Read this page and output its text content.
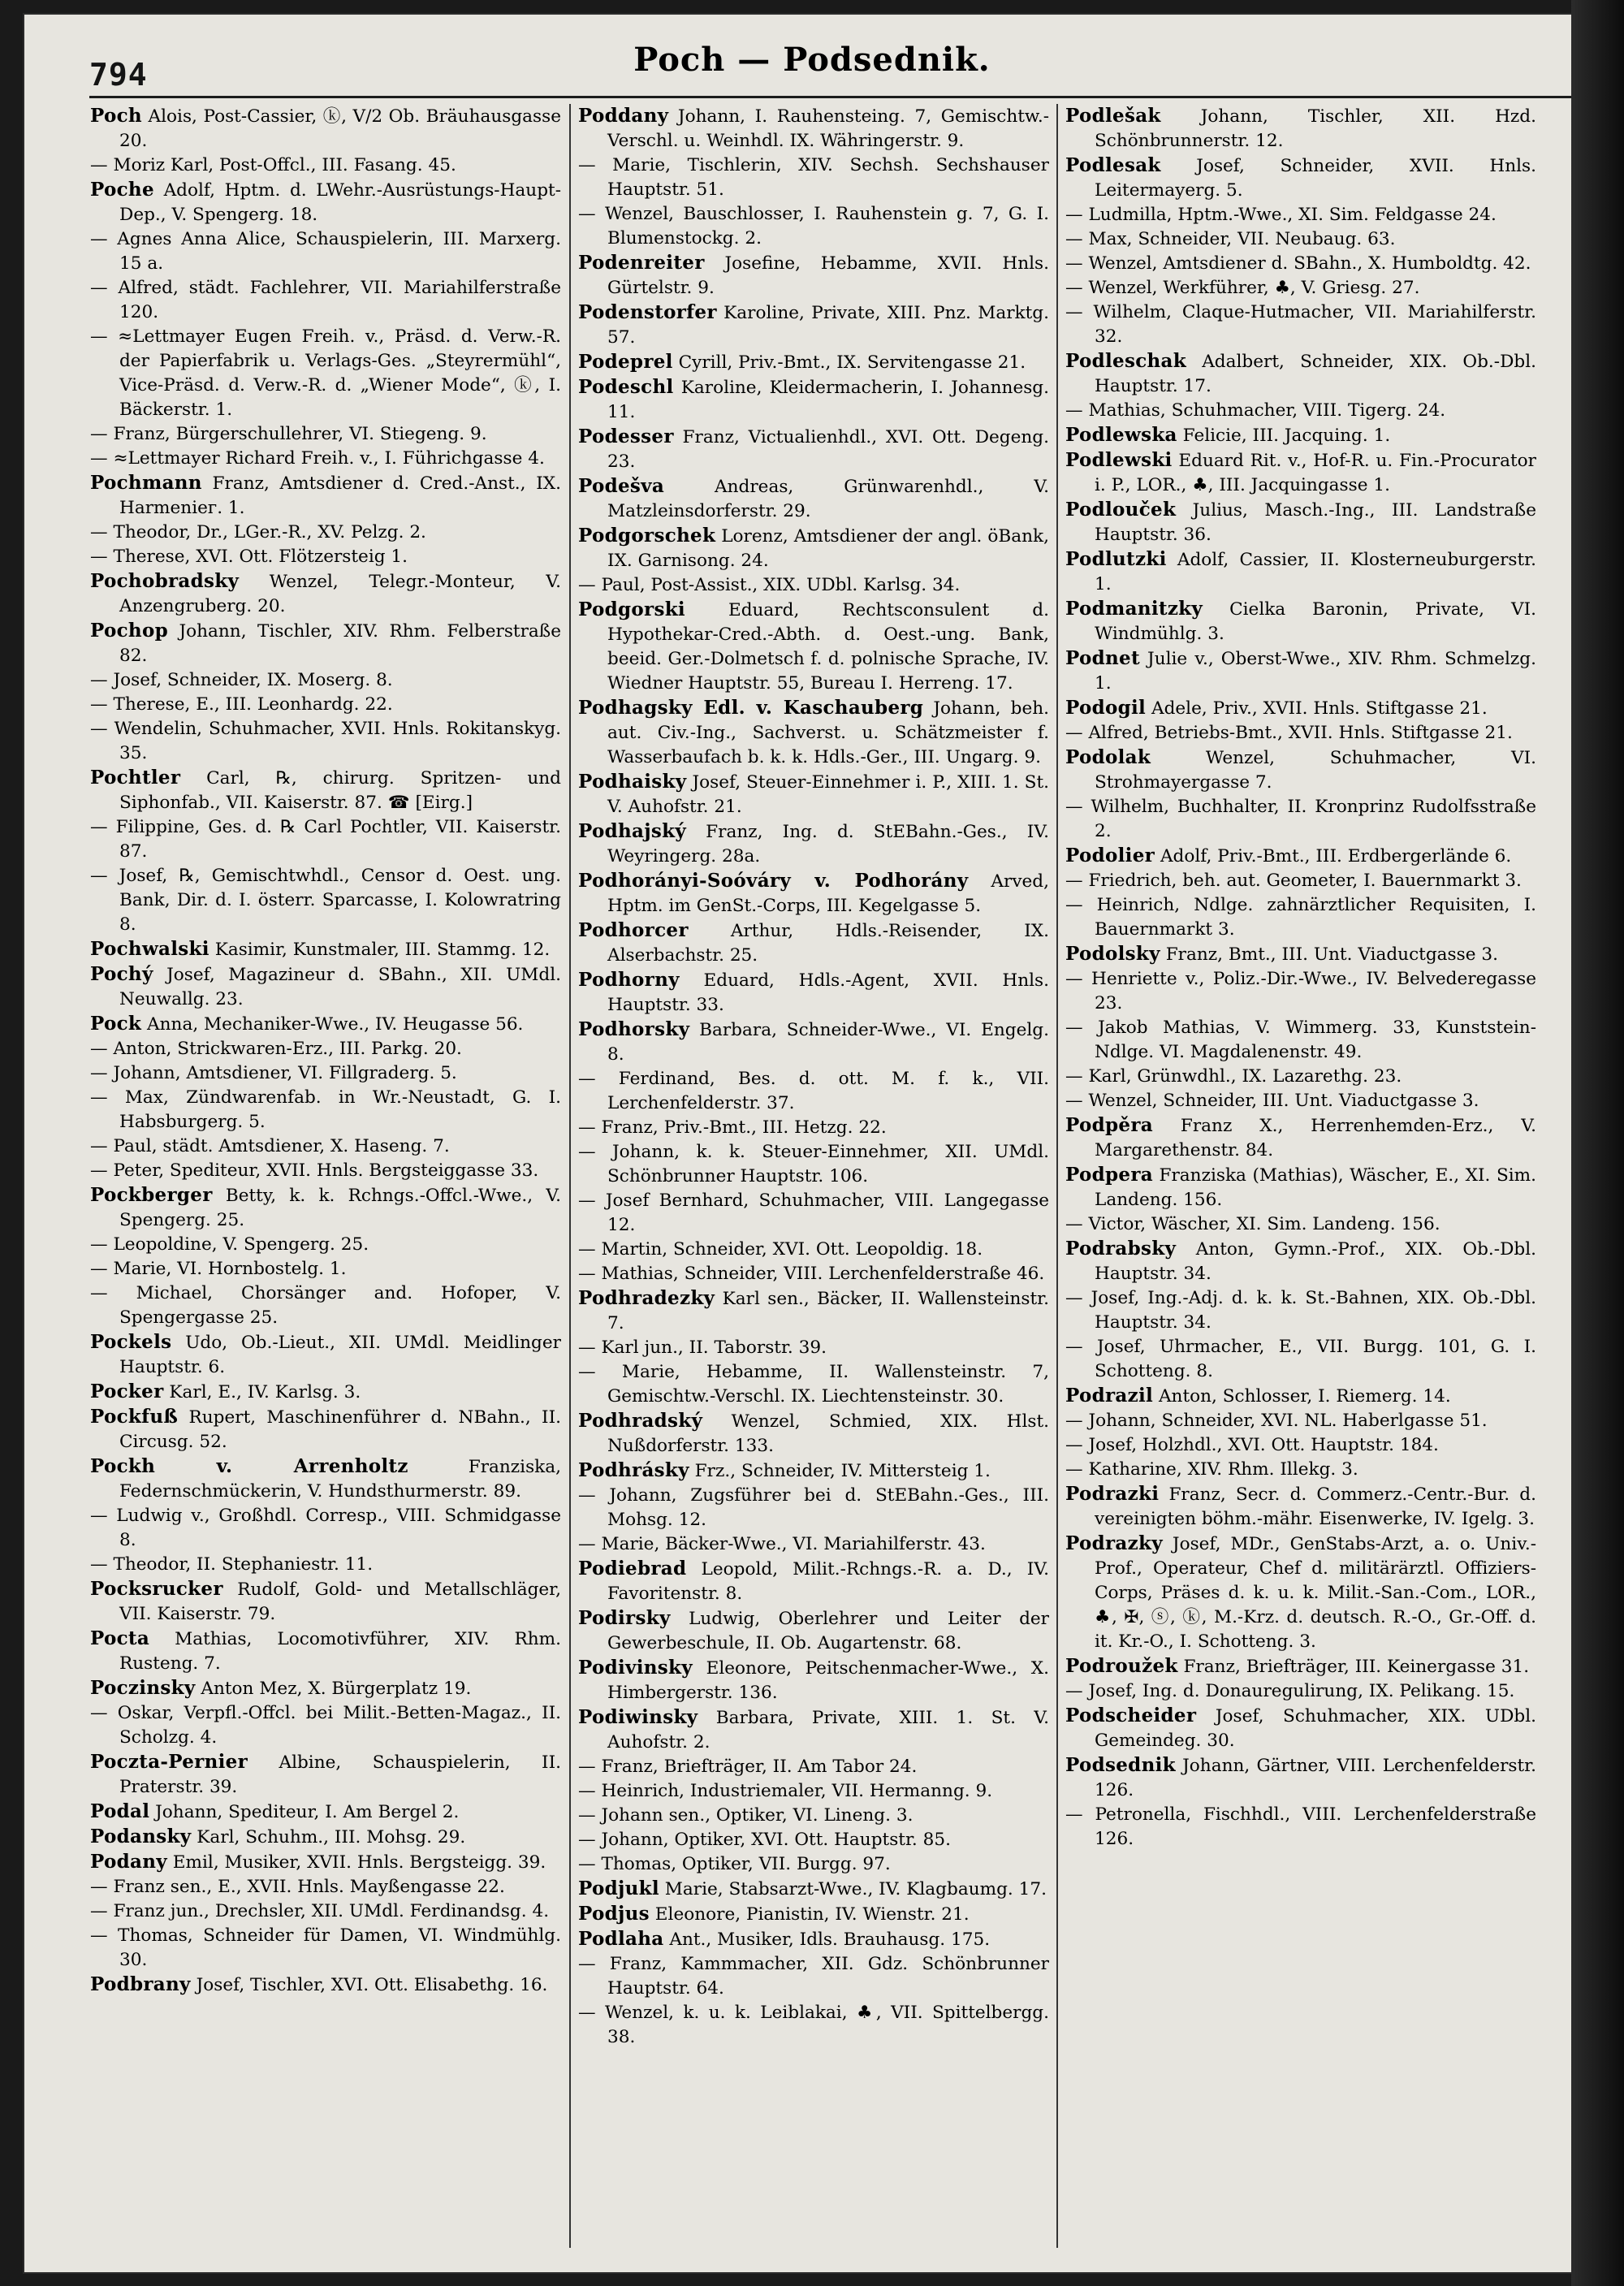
794	Poch — Podsednik.
Poch Alois, Post-Cassier, ⓚ, V/2 Ob. Bräuhausgasse 20.
— Moriz Karl, Post-Offcl., III. Fasang. 45.
Poche Adolf, Hptm. d. LWehr.-Ausrüstungs-Haupt-Dep., V. Spengerg. 18.
— Agnes Anna Alice, Schauspielerin, III. Marxerg. 15 a.
— Alfred, städt. Fachlehrer, VII. Mariahilferstraße 120.
— ≈Lettmayer Eugen Freih. v., Präsd. d. Verw.-R. der Papierfabrik u. Verlags-Ges. „Steyrermühl“, Vice-Präsd. d. Verw.-R. d. „Wiener Mode“, ⓚ, I. Bäckerstr. 1.
— Franz, Bürgerschullehrer, VI. Stiegeng. 9.
— ≈Lettmayer Richard Freih. v., I. Führichgasse 4.
Pochmann Franz, Amtsdiener d. Cred.-Anst., IX. Harmeniег. 1.
— Theodor, Dr., LGer.-R., XV. Pelzg. 2.
— Therese, XVI. Ott. Flötzersteig 1.
Pochobradsky Wenzel, Telegr.-Monteur, V. Anzengruberg. 20.
Pochop Johann, Tischler, XIV. Rhm. Felberstraße 82.
— Josef, Schneider, IX. Moserg. 8.
— Therese, E., III. Leonhardg. 22.
— Wendelin, Schuhmacher, XVII. Hnls. Rokitanskyg. 35.
Pochtler Carl, ℞, chirurg. Spritzen- und Siphonfab., VII. Kaiserstr. 87. ☎ [Eirg.]
— Filippine, Ges. d. ℞ Carl Pochtler, VII. Kaiserstr. 87.
— Josef, ℞, Gemischtwhdl., Censor d. Oest. ung. Bank, Dir. d. I. österr. Sparcasse, I. Kolowratring 8.
Pochwalski Kasimir, Kunstmaler, III. Stammg. 12.
Pochý Josef, Magazineur d. SBahn., XII. UMdl. Neuwallg. 23.
Pock Anna, Mechaniker-Wwe., IV. Heugasse 56.
— Anton, Strickwaren-Erz., III. Parkg. 20.
— Johann, Amtsdiener, VI. Fillgraderg. 5.
— Max, Zündwarenfab. in Wr.-Neustadt, G. I. Habsburgerg. 5.
— Paul, städt. Amtsdiener, X. Haseng. 7.
— Peter, Spediteur, XVII. Hnls. Bergsteiggasse 33.
Pockberger Betty, k. k. Rchngs.-Offcl.-Wwe., V. Spengerg. 25.
— Leopoldine, V. Spengerg. 25.
— Marie, VI. Hornbostelg. 1.
— Michael, Chorsänger and. Hofoper, V. Spengergasse 25.
Pockels Udo, Ob.-Lieut., XII. UMdl. Meidlinger Hauptstr. 6.
Pocker Karl, E., IV. Karlsg. 3.
Pockfuß Rupert, Maschinenführer d. NBahn., II. Circusg. 52.
Pockh v. Arrenholtz	Franziska, Federnschmückerin, V. Hundsthurmerstr. 89.
— Ludwig v., Großhdl. Corresp., VIII. Schmidgasse 8.
— Theodor, II. Stephaniestr. 11.
Pocksrucker Rudolf, Gold- und Metallschläger, VII. Kaiserstr. 79.
Pocta Mathias, Locomotivführer, XIV. Rhm. Rusteng. 7.
Poczinsky Anton Mez, X. Bürgerplatz 19.
— Oskar, Verpfl.-Offcl. bei Milit.-Betten-Magaz., II. Scholzg. 4.
Poczta-Pernier Albine, Schauspielerin, II. Praterstr. 39.
Podal Johann, Spediteur, I. Am Bergel 2.
Podansky Karl, Schuhm., III. Mohsg. 29.
Podany Emil, Musiker, XVII. Hnls. Bergsteigg. 39.
— Franz sen., E., XVII. Hnls. Mayßengasse 22.
— Franz jun., Drechsler, XII. UMdl. Ferdinandsg. 4.
— Thomas, Schneider für Damen, VI. Windmühlg. 30.
Podbrany Josef, Tischler, XVI. Ott. Elisabethg. 16.
Poddany Johann, I. Rauhensteing. 7, Gemischtw.-Verschl. u. Weinhdl. IX. Währingerstr. 9.
— Marie, Tischlerin, XIV. Sechsh. Sechshauser Hauptstr. 51.
— Wenzel, Bauschlosser, I. Rauhenstein g. 7, G. I. Blumenstockg. 2.
Podenreiter Josefine, Hebamme, XVII. Hnls. Gürtelstr. 9.
Podenstorfer Karoline, Private, XIII. Pnz. Marktg. 57.
Podeprel Cyrill, Priv.-Bmt., IX. Servitengasse 21.
Podeschl Karoline, Kleidermacherin, I. Johannesg. 11.
Podesser Franz, Victualienhdl., XVI. Ott. Degeng. 23.
Podešva	Andreas, Grünwarenhdl., V. Matzleinsdorferstr. 29.
Podgorschek Lorenz, Amtsdiener der angl. öBank, IX. Garnisong. 24.
— Paul, Post-Assist., XIX. UDbl. Karlsg. 34.
Podgorski Eduard, Rechtsconsulent d. Hypothekar-Cred.-Abth. d. Oest.-ung. Bank, beeid. Ger.-Dolmetsch f. d. polnische Sprache, IV. Wiedner Hauptstr. 55, Bureau I. Herreng. 17.
Podhagsky Edl. v. Kaschauberg Johann, beh. aut. Civ.-Ing., Sachverst. u. Schätzmeister f. Wasserbaufach b. k. k. Hdls.-Ger., III. Ungarg. 9.
Podhaisky Josef, Steuer-Einnehmer i. P., XIII. 1. St. V. Auhofstr. 21.
Podhajský Franz, Ing. d. StEBahn.-Ges., IV. Weyringerg. 28a.
Podhorányi-Soóváry v. Podhorány Arved, Hptm. im GenSt.-Corps, III. Kegelgasse 5.
Podhorcer Arthur, Hdls.-Reisender, IX. Alserbachstr. 25.
Podhorny Eduard, Hdls.-Agent, XVII. Hnls. Hauptstr. 33.
Podhorsky Barbara, Schneider-Wwe., VI. Engelg. 8.
— Ferdinand, Bes. d. ott. M. f. k., VII. Lerchenfelderstr. 37.
— Franz, Priv.-Bmt., III. Hetzg. 22.
— Johann, k. k. Steuer-Einnehmer, XII. UMdl. Schönbrunner Hauptstr. 106.
— Josef Bernhard, Schuhmacher, VIII. Langegasse 12.
— Martin, Schneider, XVI. Ott. Leopoldig. 18.
— Mathias, Schneider, VIII. Lerchenfelderstraße 46.
Podhradezky Karl sen., Bäcker, II. Wallensteinstr. 7.
— Karl jun., II. Taborstr. 39.
— Marie, Hebamme, II. Wallensteinstr. 7, Gemischtw.-Verschl. IX. Liechtensteinstr. 30.
Podhradský Wenzel, Schmied, XIX. Hlst. Nußdorferstr. 133.
Podhrásky Frz., Schneider, IV. Mittersteig 1.
— Johann, Zugsführer bei d. StEBahn.-Ges., III. Mohsg. 12.
— Marie, Bäcker-Wwe., VI. Mariahilferstr. 43.
Podiebrad Leopold, Milit.-Rchngs.-R. a. D., IV. Favoritenstr. 8.
Podirsky Ludwig, Oberlehrer und Leiter der Gewerbeschule, II. Ob. Augartenstr. 68.
Podivinsky Eleonore, Peitschenmacher-Wwe., X. Himbergerstr. 136.
Podiwinsky Barbara, Private, XIII. 1. St. V. Auhofstr. 2.
— Franz, Briefträger, II. Am Tabor 24.
— Heinrich, Industriemaler, VII. Hermanng. 9.
— Johann sen., Optiker, VI. Lineng. 3.
— Johann, Optiker, XVI. Ott. Hauptstr. 85.
— Thomas, Optiker, VII. Burgg. 97.
Podjukl Marie, Stabsarzt-Wwe., IV. Klagbaumg. 17.
Podjus Eleonore, Pianistin, IV. Wienstr. 21.
Podlaha Ant., Musiker, Idls. Brauhausg. 175.
— Franz, Kammmacher, XII. Gdz. Schönbrunner Hauptstr. 64.
— Wenzel, k. u. k. Leiblakai, ♣, VII. Spittelbergg. 38.
Podlešak Johann, Tischler, XII. Hzd. Schönbrunnerstr. 12.
Podlesak Josef, Schneider, XVII. Hnls. Leitermayerg. 5.
— Ludmilla, Hptm.-Wwe., XI. Sim. Feldgasse 24.
— Max, Schneider, VII. Neubaug. 63.
— Wenzel, Amtsdiener d. SBahn., X. Humboldtg. 42.
— Wenzel, Werkführer, ♣, V. Griesg. 27.
— Wilhelm, Claque-Hutmacher, VII. Mariahilferstr. 32.
Podleschak Adalbert, Schneider, XIX. Ob.-Dbl. Hauptstr. 17.
— Mathias, Schuhmacher, VIII. Tigerg. 24.
Podlewska Felicie, III. Jacquing. 1.
Podlewski Eduard Rit. v., Hof-R. u. Fin.-Procurator i. P., LOR., ♣, III. Jacquingasse 1.
Podlouček Julius, Masch.-Ing., III. Landstraße Hauptstr. 36.
Podlutzki Adolf, Cassier, II. Klosterneuburgerstr. 1.
Podmanitzky Cielka Baronin, Private, VI. Windmühlg. 3.
Podnet Julie v., Oberst-Wwe., XIV. Rhm. Schmelzg. 1.
Podogil Adele, Priv., XVII. Hnls. Stiftgasse 21.
— Alfred, Betriebs-Bmt., XVII. Hnls. Stiftgasse 21.
Podolak	Wenzel, Schuhmacher, VI. Strohmayergasse 7.
— Wilhelm, Buchhalter, II. Kronprinz Rudolfsstraße 2.
Podolier Adolf, Priv.-Bmt., III. Erdbergerlände 6.
— Friedrich, beh. aut. Geometer, I. Bauernmarkt 3.
— Heinrich, Ndlge. zahnärztlicher Requisiten, I. Bauernmarkt 3.
Podolsky Franz, Bmt., III. Unt. Viaductgasse 3.
— Henriette v., Poliz.-Dir.-Wwe., IV. Belvederegasse 23.
— Jakob Mathias, V. Wimmerg. 33, Kunststein-Ndlge. VI. Magdalenenstr. 49.
— Karl, Grünwdhl., IX. Lazarethg. 23.
— Wenzel, Schneider, III. Unt. Viaductgasse 3.
Podpěra Franz X., Herrenhemden-Erz., V. Margarethenstr. 84.
Podpera Franziska (Mathias), Wäscher, E., XI. Sim. Landeng. 156.
— Victor, Wäscher, XI. Sim. Landeng. 156.
Podrabsky Anton, Gymn.-Prof., XIX. Ob.-Dbl. Hauptstr. 34.
— Josef, Ing.-Adj. d. k. k. St.-Bahnen, XIX. Ob.-Dbl. Hauptstr. 34.
— Josef, Uhrmacher, E., VII. Burgg. 101, G. I. Schotteng. 8.
Podrazil Anton, Schlosser, I. Riemerg. 14.
— Johann, Schneider, XVI. NL. Haberlgasse 51.
— Josef, Holzhdl., XVI. Ott. Hauptstr. 184.
— Katharine, XIV. Rhm. Illekg. 3.
Podrazki Franz, Secr. d. Commerz.-Centr.-Bur. d. vereinigten böhm.-mähr. Eisenwerke, IV. Igelg. 3.
Podrazky Josef, MDr., GenStabs-Arzt, a. o. Univ.-Prof., Operateur, Chef d. militärärztl. Offiziers-Corps, Präses d. k. u. k. Milit.-San.-Com., LOR., ♣, ✠, ⓢ, ⓚ, M.-Krz. d. deutsch. R.-O., Gr.-Off. d. it. Kr.-O., I. Schotteng. 3.
Podroužek Franz, Briefträger, III. Keinergasse 31.
— Josef, Ing. d. Donauregulirung, IX. Pelikang. 15.
Podscheider Josef, Schuhmacher, XIX. UDbl. Gemeindeg. 30.
Podsednik Johann, Gärtner, VIII. Lerchenfelderstr. 126.
— Petronella, Fischhdl., VIII. Lerchenfelderstraße 126.
